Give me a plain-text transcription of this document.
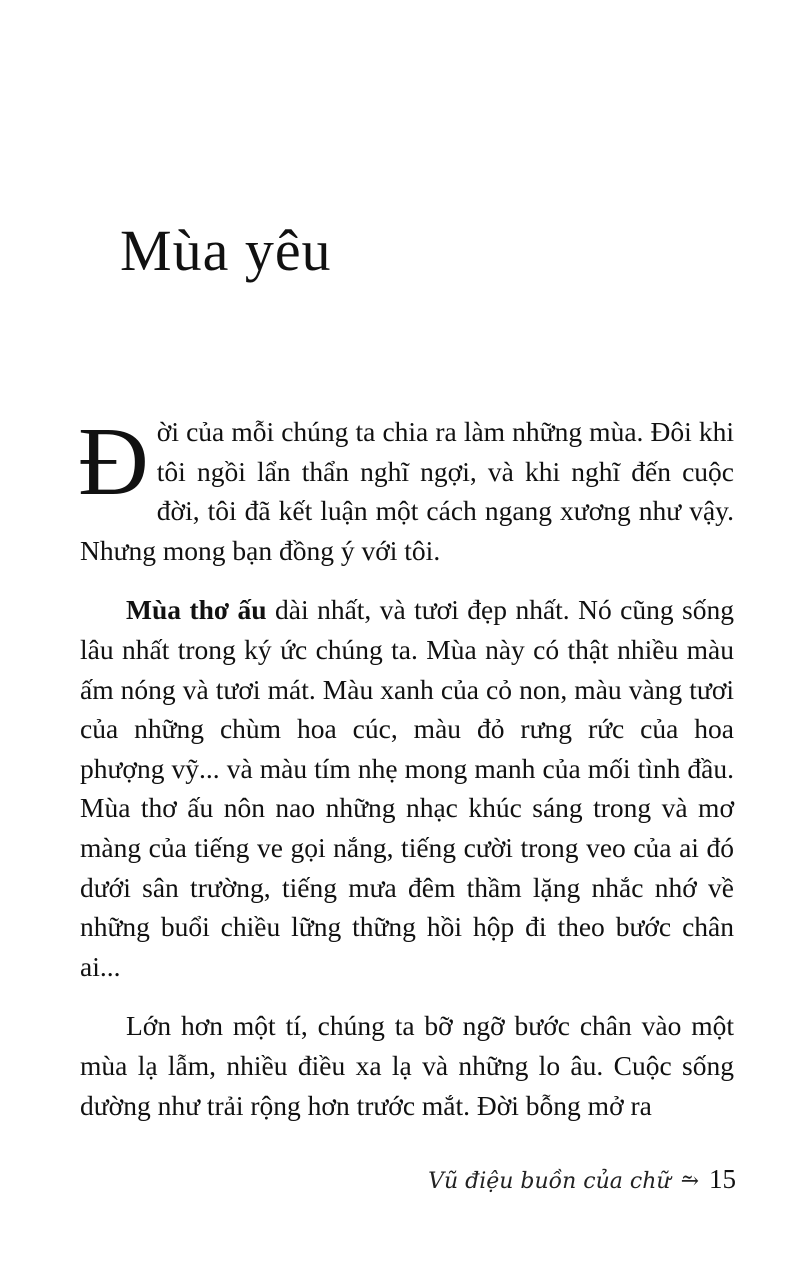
Mùa yêu

Đời của mỗi chúng ta chia ra làm những mùa. Đôi khi tôi ngồi lẩn thẩn nghĩ ngợi, và khi nghĩ đến cuộc đời, tôi đã kết luận một cách ngang xương như vậy. Nhưng mong bạn đồng ý với tôi.

Mùa thơ ấu dài nhất, và tươi đẹp nhất. Nó cũng sống lâu nhất trong ký ức chúng ta. Mùa này có thật nhiều màu ấm nóng và tươi mát. Màu xanh của cỏ non, màu vàng tươi của những chùm hoa cúc, màu đỏ rưng rức của hoa phượng vỹ... và màu tím nhẹ mong manh của mối tình đầu. Mùa thơ ấu nôn nao những nhạc khúc sáng trong và mơ màng của tiếng ve gọi nắng, tiếng cười trong veo của ai đó dưới sân trường, tiếng mưa đêm thầm lặng nhắc nhớ về những buổi chiều lững thững hồi hộp đi theo bước chân ai...

Lớn hơn một tí, chúng ta bỡ ngỡ bước chân vào một mùa lạ lẫm, nhiều điều xa lạ và những lo âu. Cuộc sống dường như trải rộng hơn trước mắt. Đời bỗng mở ra

Vũ điệu buồn của chữ ⥲ 15
